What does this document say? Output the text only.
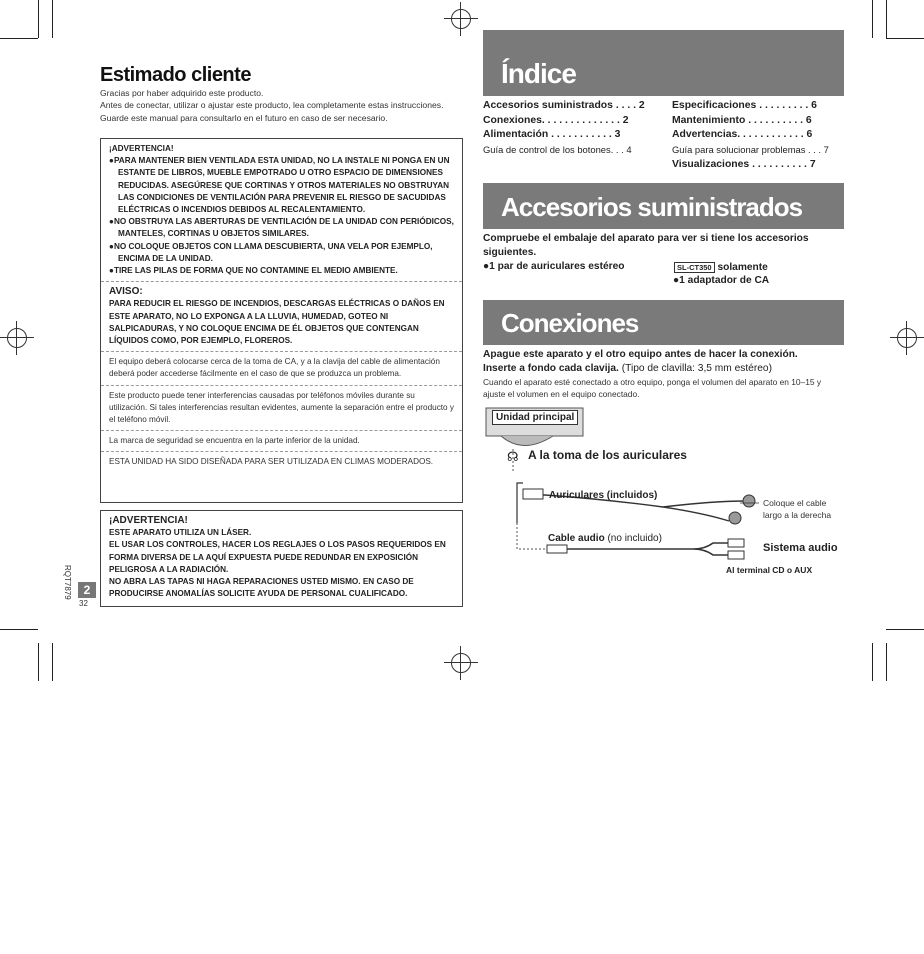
Estimado cliente
Gracias por haber adquirido este producto.
Antes de conectar, utilizar o ajustar este producto, lea completamente estas instrucciones. Guarde este manual para consultarlo en el futuro en caso de ser necesario.
¡ADVERTENCIA!
●PARA MANTENER BIEN VENTILADA ESTA UNIDAD, NO LA INSTALE NI PONGA EN UN ESTANTE DE LIBROS, MUEBLE EMPOTRADO U OTRO ESPACIO DE DIMENSIONES REDUCIDAS. ASEGÚRESE QUE CORTINAS Y OTROS MATERIALES NO OBSTRUYAN LAS CONDICIONES DE VENTILACIÓN PARA PREVENIR EL RIESGO DE SACUDIDAS ELÉCTRICAS O INCENDIOS DEBIDOS AL RECALENTAMIENTO.
●NO OBSTRUYA LAS ABERTURAS DE VENTILACIÓN DE LA UNIDAD CON PERIÓDICOS, MANTELES, CORTINAS U OBJETOS SIMILARES.
●NO COLOQUE OBJETOS CON LLAMA DESCUBIERTA, UNA VELA POR EJEMPLO, ENCIMA DE LA UNIDAD.
●TIRE LAS PILAS DE FORMA QUE NO CONTAMINE EL MEDIO AMBIENTE.
AVISO:
PARA REDUCIR EL RIESGO DE INCENDIOS, DESCARGAS ELÉCTRICAS O DAÑOS EN ESTE APARATO, NO LO EXPONGA A LA LLUVIA, HUMEDAD, GOTEO NI SALPICADURAS, Y NO COLOQUE ENCIMA DE ÉL OBJETOS QUE CONTENGAN LÍQUIDOS COMO, POR EJEMPLO, FLOREROS.
El equipo deberá colocarse cerca de la toma de CA, y a la clavija del cable de alimentación deberá poder accederse fácilmente en el caso de que se produzca un problema.
Este producto puede tener interferencias causadas por teléfonos móviles durante su utilización. Si tales interferencias resultan evidentes, aumente la separación entre el producto y el teléfono móvil.
La marca de seguridad se encuentra en la parte inferior de la unidad.
ESTA UNIDAD HA SIDO DISEÑADA PARA SER UTILIZADA EN CLIMAS MODERADOS.
¡ADVERTENCIA!
ESTE APARATO UTILIZA UN LÁSER.
EL USAR LOS CONTROLES, HACER LOS REGLAJES O LOS PASOS REQUERIDOS EN FORMA DIVERSA DE LA AQUÍ EXPUESTA PUEDE REDUNDAR EN EXPOSICIÓN PELIGROSA A LA RADIACIÓN.
NO ABRA LAS TAPAS NI HAGA REPARACIONES USTED MISMO. EN CASO DE PRODUCIRSE ANOMALÍAS SOLICITE AYUDA DE PERSONAL CUALIFICADO.
RQT7879 2
32
Índice
Accesorios suministrados . . . . 2
Conexiones. . . . . . . . . . . . . . 2
Alimentación . . . . . . . . . . . 3
Guía de control de los botones. . . 4
Especificaciones . . . . . . . . . 6
Mantenimiento . . . . . . . . . . 6
Advertencias. . . . . . . . . . . . 6
Guía para solucionar problemas . . . 7
Visualizaciones . . . . . . . . . . 7
Accesorios suministrados
Compruebe el embalaje del aparato para ver si tiene los accesorios siguientes.
●1 par de auriculares estéreo	SL-CT350 solamente
●1 adaptador de CA
Conexiones
Apague este aparato y el otro equipo antes de hacer la conexión.
Inserte a fondo cada clavija. (Tipo de clavilla: 3,5 mm estéreo)
Cuando el aparato esté conectado a otro equipo, ponga el volumen del aparato en 10–15 y ajuste el volumen en el equipo conectado.
☊
Unidad principal
A la toma de los auriculares
Auriculares (incluidos)
Coloque el cable largo a la derecha
Cable audio (no incluido)
Sistema audio
Al terminal CD o AUX
